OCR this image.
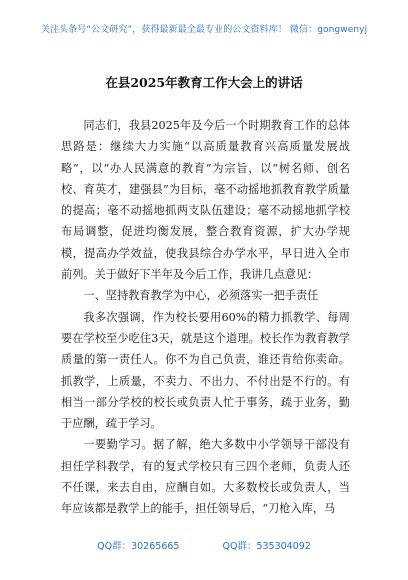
关注头条号“公文研究”，获得最新最全最专业的公文资料库！ 微信：gongwenyj
在县2025年教育工作大会上的讲话

同志们，我县2025年及今后一个时期教育工作的总体思路是：继续大力实施“以高质量教育兴高质量发展战略”，以“办人民满意的教育”为宗旨，以“树名师、创名校、育英才，建强县”为目标，毫不动摇地抓教育教学质量的提高；毫不动摇地抓两支队伍建设；毫不动摇地抓学校布局调整，促进均衡发展，整合教育资源，扩大办学规模，提高办学效益，使我县综合办学水平，早日进入全市前列。关于做好下半年及今后工作，我讲几点意见：

一、坚持教育教学为中心，必须落实一把手责任

我多次强调，作为校长要用60%的精力抓教学、每周要在学校至少吃住3天，就是这个道理。校长作为教育教学质量的第一责任人。你不为自己负责，谁还肯给你卖命。抓教学，上质量，不卖力、不出力、不付出是不行的。有相当一部分学校的校长或负责人忙于事务，疏于业务，勤于应酬，疏于学习。

一要勤学习。据了解，绝大多数中小学领导干部没有担任学科教学，有的复式学校只有三四个老师，负责人还不任课，来去自由，应酬自如。大多数校长或负责人，当年应该都是教学上的能手，担任领导后，“刀枪入库，马

QQ群：30265665	QQ群：535304092
